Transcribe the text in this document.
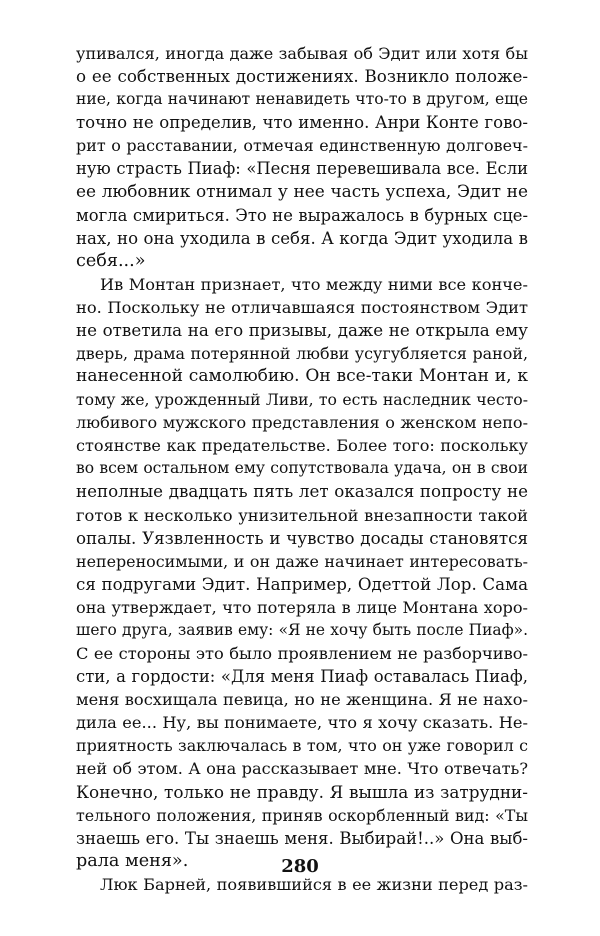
упивался, иногда даже забывая об Эдит или хотя бы
о ее собственных достижениях. Возникло положе-
ние, когда начинают ненавидеть что-то в другом, еще
точно не определив, что именно. Анри Конте гово-
рит о расставании, отмечая единственную долговеч-
ную страсть Пиаф: «Песня перевешивала все. Если
ее любовник отнимал у нее часть успеха, Эдит не
могла смириться. Это не выражалось в бурных сце-
нах, но она уходила в себя. А когда Эдит уходила в
себя...»
Ив Монтан признает, что между ними все конче-
но. Поскольку не отличавшаяся постоянством Эдит
не ответила на его призывы, даже не открыла ему
дверь, драма потерянной любви усугубляется раной,
нанесенной самолюбию. Он все-таки Монтан и, к
тому же, урожденный Ливи, то есть наследник често-
любивого мужского представления о женском непо-
стоянстве как предательстве. Более того: поскольку
во всем остальном ему сопутствовала удача, он в свои
неполные двадцать пять лет оказался попросту не
готов к несколько унизительной внезапности такой
опалы. Уязвленность и чувство досады становятся
непереносимыми, и он даже начинает интересовать-
ся подругами Эдит. Например, Одеттой Лор. Сама
она утверждает, что потеряла в лице Монтана хоро-
шего друга, заявив ему: «Я не хочу быть после Пиаф».
С ее стороны это было проявлением не разборчиво-
сти, а гордости: «Для меня Пиаф оставалась Пиаф,
меня восхищала певица, но не женщина. Я не нахо-
дила ее... Ну, вы понимаете, что я хочу сказать. Не-
приятность заключалась в том, что он уже говорил с
ней об этом. А она рассказывает мне. Что отвечать?
Конечно, только не правду. Я вышла из затрудни-
тельного положения, приняв оскорбленный вид: «Ты
знаешь его. Ты знаешь меня. Выбирай!..» Она выб-
рала меня».
Люк Барней, появившийся в ее жизни перед раз-
280
